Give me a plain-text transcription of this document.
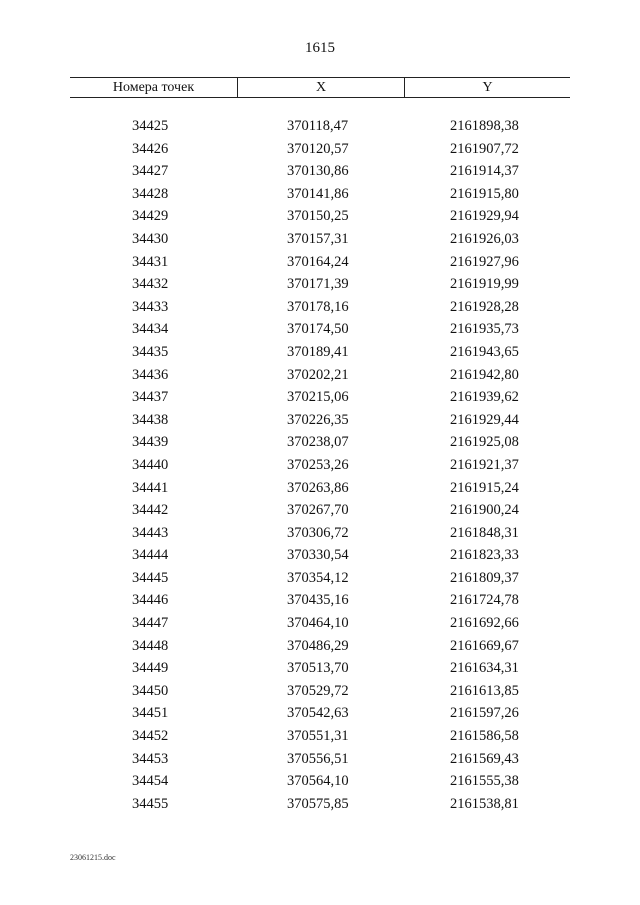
1615
Номера точек	X	Y
34425	370118,47	2161898,38
34426	370120,57	2161907,72
34427	370130,86	2161914,37
34428	370141,86	2161915,80
34429	370150,25	2161929,94
34430	370157,31	2161926,03
34431	370164,24	2161927,96
34432	370171,39	2161919,99
34433	370178,16	2161928,28
34434	370174,50	2161935,73
34435	370189,41	2161943,65
34436	370202,21	2161942,80
34437	370215,06	2161939,62
34438	370226,35	2161929,44
34439	370238,07	2161925,08
34440	370253,26	2161921,37
34441	370263,86	2161915,24
34442	370267,70	2161900,24
34443	370306,72	2161848,31
34444	370330,54	2161823,33
34445	370354,12	2161809,37
34446	370435,16	2161724,78
34447	370464,10	2161692,66
34448	370486,29	2161669,67
34449	370513,70	2161634,31
34450	370529,72	2161613,85
34451	370542,63	2161597,26
34452	370551,31	2161586,58
34453	370556,51	2161569,43
34454	370564,10	2161555,38
34455	370575,85	2161538,81
23061215.doc
